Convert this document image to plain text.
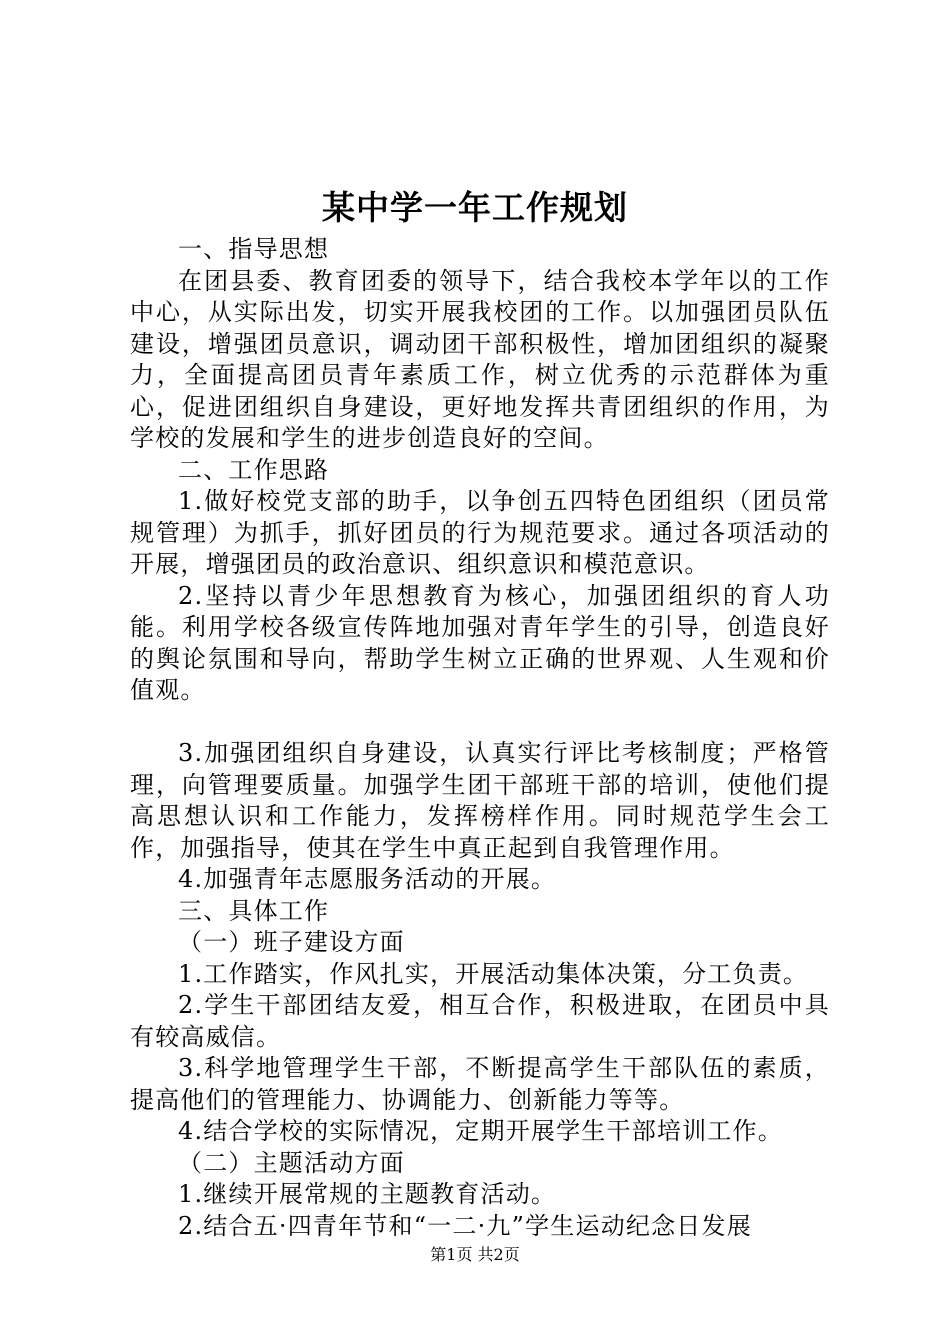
某中学一年工作规划

一、指导思想

在团县委、教育团委的领导下，结合我校本学年以的工作中心，从实际出发，切实开展我校团的工作。以加强团员队伍建设，增强团员意识，调动团干部积极性，增加团组织的凝聚力，全面提高团员青年素质工作，树立优秀的示范群体为重心，促进团组织自身建设，更好地发挥共青团组织的作用，为学校的发展和学生的进步创造良好的空间。

二、工作思路

1.做好校党支部的助手，以争创五四特色团组织（团员常规管理）为抓手，抓好团员的行为规范要求。通过各项活动的开展，增强团员的政治意识、组织意识和模范意识。

2.坚持以青少年思想教育为核心，加强团组织的育人功能。利用学校各级宣传阵地加强对青年学生的引导，创造良好的舆论氛围和导向，帮助学生树立正确的世界观、人生观和价值观。

3.加强团组织自身建设，认真实行评比考核制度；严格管理，向管理要质量。加强学生团干部班干部的培训，使他们提高思想认识和工作能力，发挥榜样作用。同时规范学生会工作，加强指导，使其在学生中真正起到自我管理作用。

4.加强青年志愿服务活动的开展。

三、具体工作

（一）班子建设方面

1.工作踏实，作风扎实，开展活动集体决策，分工负责。

2.学生干部团结友爱，相互合作，积极进取，在团员中具有较高威信。

3.科学地管理学生干部，不断提高学生干部队伍的素质，提高他们的管理能力、协调能力、创新能力等等。

4.结合学校的实际情况，定期开展学生干部培训工作。

（二）主题活动方面

1.继续开展常规的主题教育活动。

2.结合五·四青年节和“一二·九”学生运动纪念日发展

第1页 共2页
